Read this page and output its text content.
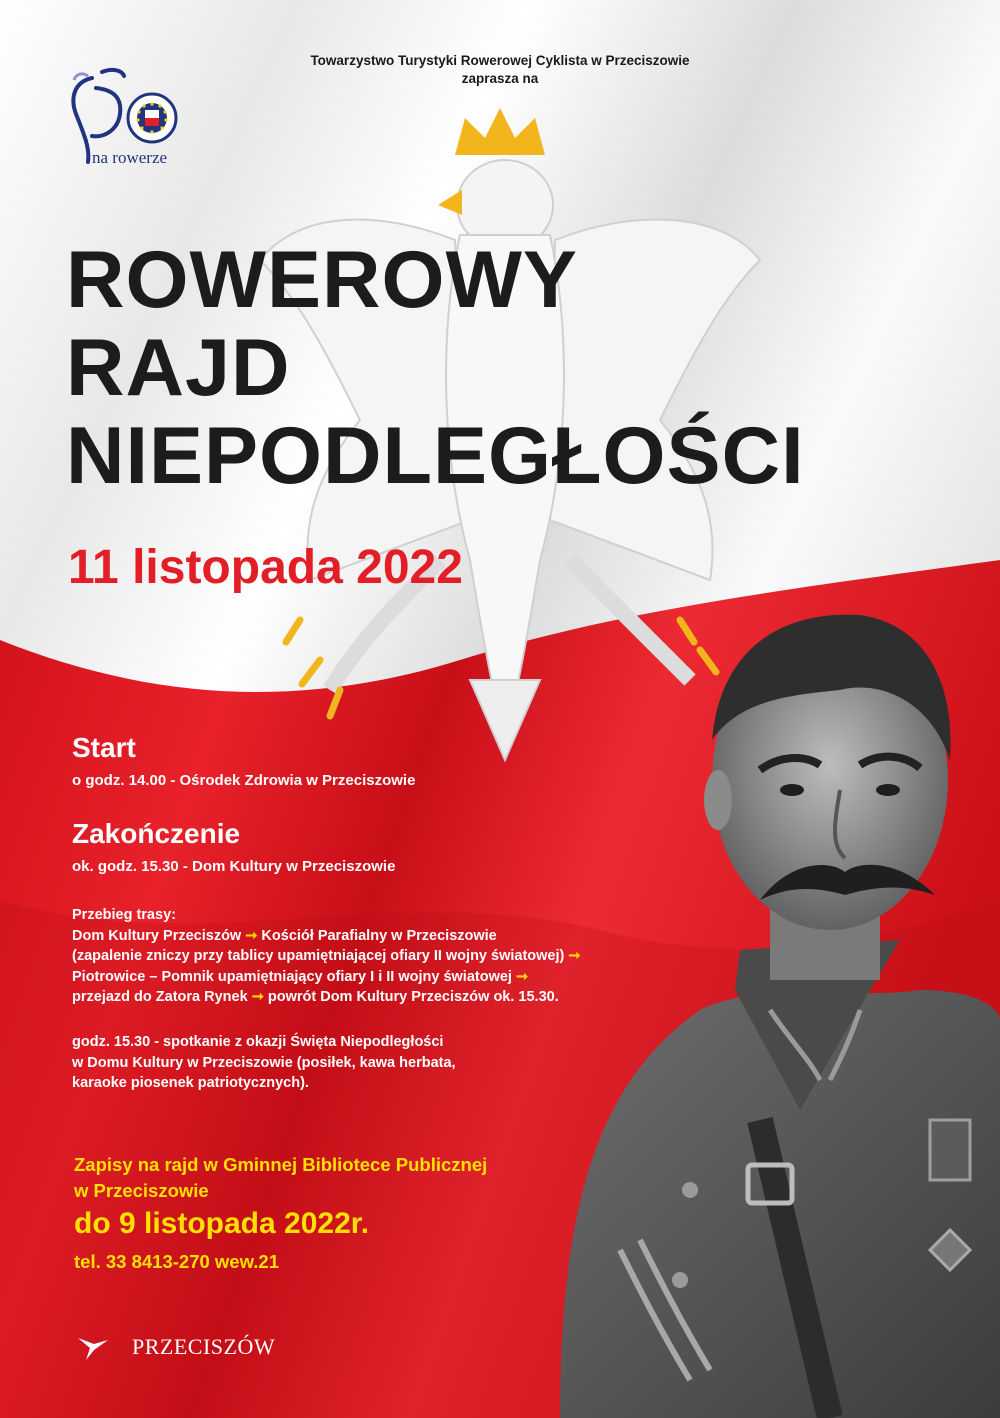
Towarzystwo Turystyki Rowerowej Cyklista w Przeciszowie
zaprasza na
na rowerze
ROWEROWY
RAJD
NIEPODLEGŁOŚCI
11 listopada 2022
Start
o godz. 14.00 - Ośrodek Zdrowia w Przeciszowie
Zakończenie
ok. godz. 15.30 - Dom Kultury w Przeciszowie
Przebieg trasy:
Dom Kultury Przeciszów ➞ Kościół Parafialny w Przeciszowie
(zapalenie zniczy przy tablicy upamiętniającej ofiary II wojny światowej) ➞
Piotrowice – Pomnik upamiętniający ofiary I i II wojny światowej ➞
przejazd do Zatora Rynek ➞ powrót Dom Kultury Przeciszów ok. 15.30.
godz. 15.30 - spotkanie z okazji Święta Niepodległości
w Domu Kultury w Przeciszowie (posiłek, kawa herbata,
karaoke piosenek patriotycznych).
Zapisy na rajd w Gminnej Bibliotece Publicznej
w Przeciszowie
do 9 listopada 2022r.
tel. 33 8413-270 wew.21
PRZECISZÓW
